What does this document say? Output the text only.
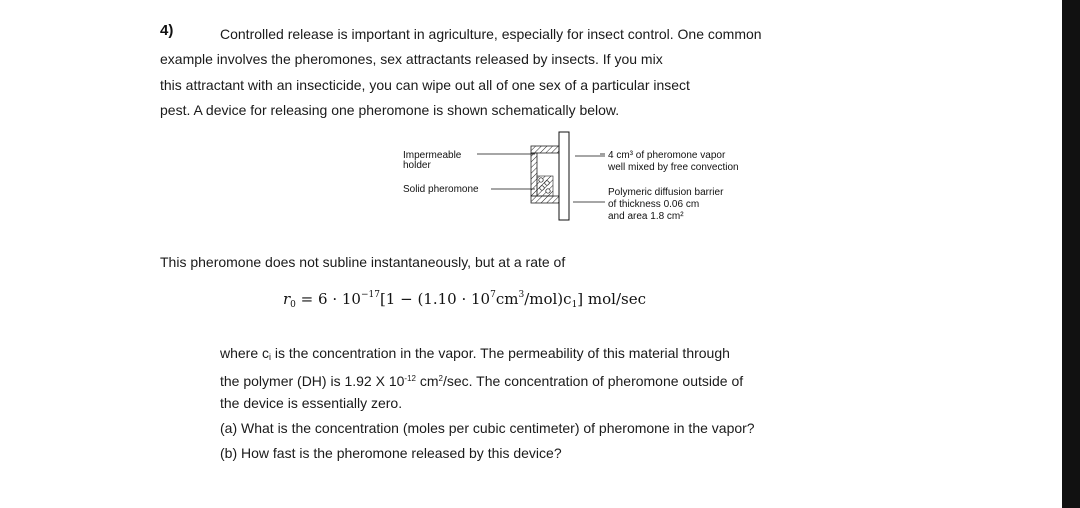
4)	Controlled release is important in agriculture, especially for insect control. One common
example involves the pheromones, sex attractants released by insects. If you mix
this attractant with an insecticide, you can wipe out all of one sex of a particular insect
pest. A device for releasing one pheromone is shown schematically below.
Impermeable
holder
Solid pheromone
4 cm³ of pheromone vapor
well mixed by free convection
Polymeric diffusion barrier
of thickness 0.06 cm
and area 1.8 cm²
This pheromone does not subline instantaneously, but at a rate of
$r_0 = 6 \cdot 10^{-17}[1 - (1.10 \cdot 10^7cm^3/mol)c_1]$ mol/sec
where ci is the concentration in the vapor. The permeability of this material through
the polymer (DH) is 1.92 X $10^{-12}$ $cm^2/\sec$. The concentration of pheromone outside of
the device is essentially zero.
(a) What is the concentration (moles per cubic centimeter) of pheromone in the vapor?
(b) How fast is the pheromone released by this device?
